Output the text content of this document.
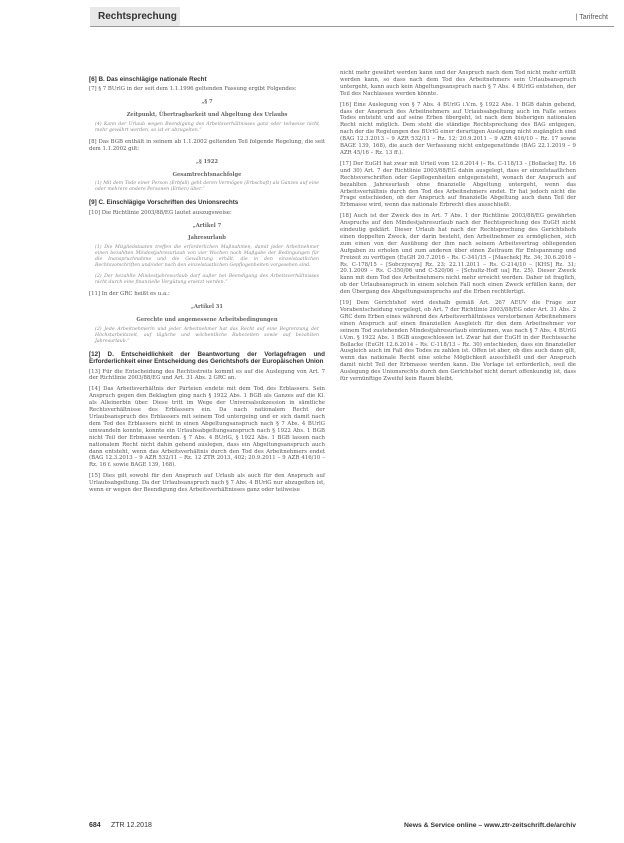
Rechtsprechung	| Tarifrecht
[6] B. Das einschlägige nationale Recht
[7] § 7 BUrlG in der seit dem 1.1.1996 geltenden Fassung ergibt Folgendes:
„§ 7
Zeitpunkt, Übertragbarkeit und Abgeltung des Urlaubs
(4) Kann der Urlaub wegen Beendigung des Arbeitsverhältnisses ganz oder teilweise nicht mehr gewährt werden, so ist er abzugelten.“
[8] Das BGB enthält in seinem ab 1.1.2002 geltenden Teil folgende Regelung, die seit dem 1.1.2002 gilt:
„§ 1922
Gesamtrechtsnachfolge
(1) Mit dem Tode einer Person (Erbfall) geht deren Vermögen (Erbschaft) als Ganzes auf eine oder mehrere andere Personen (Erben) über.“
[9] C. Einschlägige Vorschriften des Unionsrechts
[10] Die Richtlinie 2003/88/EG lautet auszugsweise:
„Artikel 7
Jahresurlaub
(1) Die Mitgliedstaaten treffen die erforderlichen Maßnahmen, damit jeder Arbeitnehmer einen bezahlten Mindestjahresurlaub von vier Wochen nach Maßgabe der Bedingungen für die Inanspruchnahme und die Gewährung erhält, die in den einzelstaatlichen Rechtsvorschriften und/oder nach den einzelstaatlichen Gepflogenheiten vorgesehen sind.
(2) Der bezahlte Mindestjahresurlaub darf außer bei Beendigung des Arbeitsverhältnisses nicht durch eine finanzielle Vergütung ersetzt werden.“
[11] In der GRC heißt es u.a.:
„Artikel 31
Gerechte und angemessene Arbeitsbedingungen
(2) Jede Arbeitnehmerin und jeder Arbeitnehmer hat das Recht auf eine Begrenzung der Höchstarbeitszeit, auf tägliche und wöchentliche Ruhezeiten sowie auf bezahlten Jahresurlaub.“
[12] D. Entscheidlichkeit der Beantwortung der Vorlagefragen und Erforderlichkeit einer Entscheidung des Gerichtshofs der Europäischen Union
[13] Für die Entscheidung des Rechtsstreits kommt es auf die Auslegung von Art. 7 der Richtlinie 2003/88/EG und Art. 31 Abs. 2 GRC an.
[14] Das Arbeitsverhältnis der Parteien endete mit dem Tod des Erblassers. Sein Anspruch gegen den Beklagten ging nach § 1922 Abs. 1 BGB als Ganzes auf die Kl. als Alleinerbin über. Diese tritt im Wege der Universalsukzession in sämtliche Rechtsverhältnisse des Erblassers ein. Da nach nationalem Recht der Urlaubsanspruch des Erblassers mit seinem Tod untergeing und er sich damit nach dem Tod des Erblassers nicht in einen Abgeltungsanspruch nach § 7 Abs. 4 BUrlG umwandeln konnte, konnte ein Urlaubsabgeltungsanspruch nach § 1922 Abs. 1 BGB nicht Teil der Erbmasse werden. § 7 Abs. 4 BUrlG, § 1922 Abs. 1 BGB lassen nach nationalem Recht nicht dahin gehend auslegen, dass ein Abgeltungsanspruch auch dann entsteht, wenn das Arbeitsverhältnis durch den Tod des Arbeitnehmers endet (BAG 12.3.2013 – 9 AZR 532/11 – Rz. 12 ZTR 2013, 402; 20.9.2011 – 9 AZR 416/10 – Rz. 16 f. sowie BAGE 139, 168).
[15] Dies gilt sowohl für den Anspruch auf Urlaub als auch für den Anspruch auf Urlaubsabgeltung. Da der Urlaubsanspruch nach § 7 Abs. 4 BUrlG nur abzugelten ist, wenn er wegen der Beendigung des Arbeitsverhältnisses ganz oder teilweise
nicht mehr gewährt werden kann und der Anspruch nach dem Tod nicht mehr erfüllt werden kann, so dass nach dem Tod des Arbeitnehmers sein Urlaubsanspruch untergeht, kann auch kein Abgeltungsanspruch nach § 7 Abs. 4 BUrlG entstehen, der Teil des Nachlasses werden könnte.
[16] Eine Auslegung von § 7 Abs. 4 BUrlG i.V.m. § 1922 Abs. 1 BGB dahin gehend, dass der Anspruch des Arbeitnehmers auf Urlaubsabgeltung auch im Falle seines Todes entsteht und auf seine Erben übergeht, ist nach dem bisherigen nationalen Recht nicht möglich. Dem steht die ständige Rechtsprechung des BAG entgegen, nach der die Regelungen des BUrlG einer derartigen Auslegung nicht zugänglich sind (BAG 12.3.2013 – 9 AZR 532/11 – Rz. 12; 20.9.2011 – 9 AZR 416/10 – Rz. 17 sowie BAGE 139, 168), die auch der Verfassung nicht entgegenstünde (BAG 22.1.2019 – 9 AZR 45/16 – Rz. 13 ff.).
[17] Der EuGH hat zwar mit Urteil vom 12.6.2014 (– Rs. C-118/13 – [Bollacke] Rz. 16 und 30) Art. 7 der Richtlinie 2003/88/EG dahin ausgelegt, dass er einzelstaatlichen Rechtsvorschriften oder Gepflogenheiten entgegensteht, wonach der Anspruch auf bezahlten Jahresurlaub ohne finanzielle Abgeltung untergeht, wenn das Arbeitsverhältnis durch den Tod des Arbeitnehmers endet. Er hat jedoch nicht die Frage entschieden, ob der Anspruch auf finanzielle Abgeltung auch dann Teil der Erbmasse wird, wenn das nationale Erbrecht dies ausschließt.
[18] Auch ist der Zweck des in Art. 7 Abs. 1 der Richtlinie 2003/88/EG gewährten Anspruchs auf den Mindestjahresurlaub nach der Rechtsprechung des EuGH nicht eindeutig geklärt. Dieser Urlaub hat nach der Rechtsprechung des Gerichtshofs einen doppelten Zweck, der darin besteht, den Arbeitnehmer zu ermöglichen, sich zum einen von der Ausübung der ihm nach seinem Arbeitsvertrag obliegenden Aufgaben zu erholen und zum anderen über einen Zeitraum für Entspannung und Freizeit zu verfügen (EuGH 20.7.2016 – Rs. C-341/15 – [Maschek] Rz. 34; 30.6.2016 – Rs. C-178/15 – [Sobczyszyn] Rz. 23; 22.11.2011 – Rs. C-214/10 – [KHS] Rz. 31; 20.1.2009 – Rs. C-350/06 und C-520/06 – [Schultz-Hoff ua] Rz. 25). Dieser Zweck kann mit dem Tod des Arbeitnehmers nicht mehr erreicht werden. Daher ist fraglich, ob der Urlaubsanspruch in einem solchen Fall noch einen Zweck erfüllen kann, der den Übergang des Abgeltungsanspruchs auf die Erben rechtfertigt.
[19] Dem Gerichtshof wird deshalb gemäß Art. 267 AEUV die Frage zur Vorabentscheidung vorgelegt, ob Art. 7 der Richtlinie 2003/88/EG oder Art. 31 Abs. 2 GRC dem Erben eines während des Arbeitsverhältnisses verstorbenen Arbeitnehmers einen Anspruch auf einen finanziellen Ausgleich für den dem Arbeitnehmer vor seinem Tod zustehenden Mindestjahresurlaub einräumen, was nach § 7 Abs. 4 BUrlG i.V.m. § 1922 Abs. 1 BGB ausgeschlossen ist. Zwar hat der EuGH in der Rechtssache Bollacke (EuGH 12.6.2014 – Rs. C-118/13 – Rz. 30) entschieden, dass ein finanzieller Ausgleich auch im Fall des Todes zu zahlen ist. Offen ist aber, ob dies auch dann gilt, wenn das nationale Recht eine solche Möglichkeit ausschließt und der Anspruch damit nicht Teil der Erbmasse werden kann. Die Vorlage ist erforderlich, weil die Auslegung des Unionsrechts durch den Gerichtshof nicht derart offenkundig ist, dass für vernünftige Zweifel kein Raum bleibt.
684 ZTR 12.2018	News & Service online – www.ztr-zeitschrift.de/archiv
